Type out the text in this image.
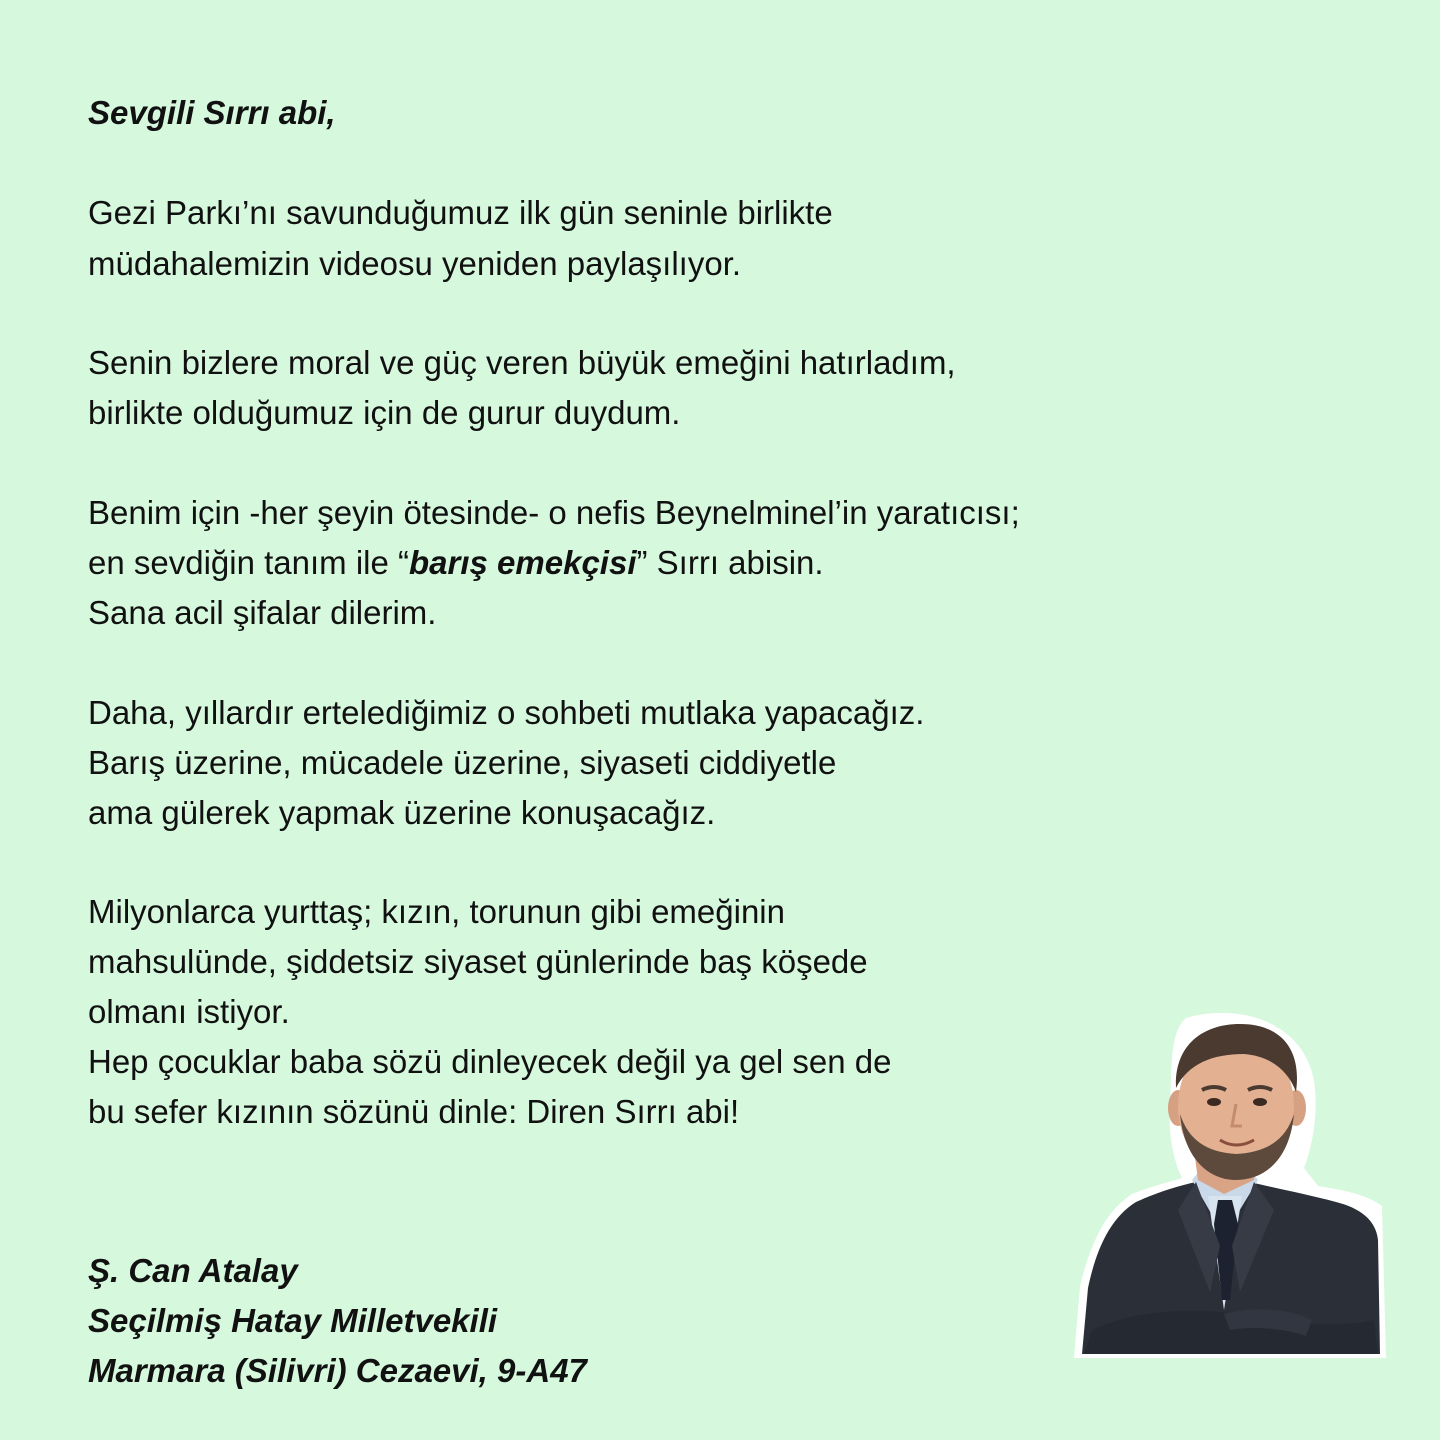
Sevgili Sırrı abi,
Gezi Parkı’nı savunduğumuz ilk gün seninle birlikte
müdahalemizin videosu yeniden paylaşılıyor.
Senin bizlere moral ve güç veren büyük emeğini hatırladım,
birlikte olduğumuz için de gurur duydum.
Benim için -her şeyin ötesinde- o nefis Beynelminel’in yaratıcısı;
en sevdiğin tanım ile “barış emekçisi” Sırrı abisin.
Sana acil şifalar dilerim.
Daha, yıllardır ertelediğimiz o sohbeti mutlaka yapacağız.
Barış üzerine, mücadele üzerine, siyaseti ciddiyetle
ama gülerek yapmak üzerine konuşacağız.
Milyonlarca yurttaş; kızın, torunun gibi emeğinin
mahsulünde, şiddetsiz siyaset günlerinde baş köşede
olmanı istiyor.
Hep çocuklar baba sözü dinleyecek değil ya gel sen de
bu sefer kızının sözünü dinle: Diren Sırrı abi!
Ş. Can Atalay
Seçilmiş Hatay Milletvekili
Marmara (Silivri) Cezaevi, 9-A47
